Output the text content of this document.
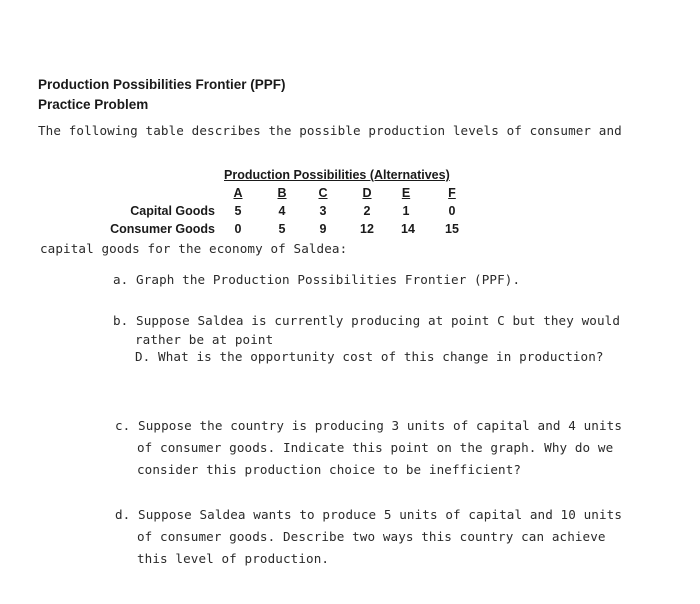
Production Possibilities Frontier (PPF)
Practice Problem
The following table describes the possible production levels of consumer and
Production Possibilities (Alternatives)
A	B	C	D	E	F
Capital Goods	5	4	3	2	1	0
Consumer Goods	0	5	9	12 14 15
capital goods for the economy of Saldea:
a. Graph the Production Possibilities Frontier (PPF).
b. Suppose Saldea is currently producing at point C but they would
rather be at point
D. What is the opportunity cost of this change in production?
c. Suppose the country is producing 3 units of capital and 4 units
of consumer goods. Indicate this point on the graph. Why do we
consider this production choice to be inefficient?
d. Suppose Saldea wants to produce 5 units of capital and 10 units
of consumer goods. Describe two ways this country can achieve
this level of production.
